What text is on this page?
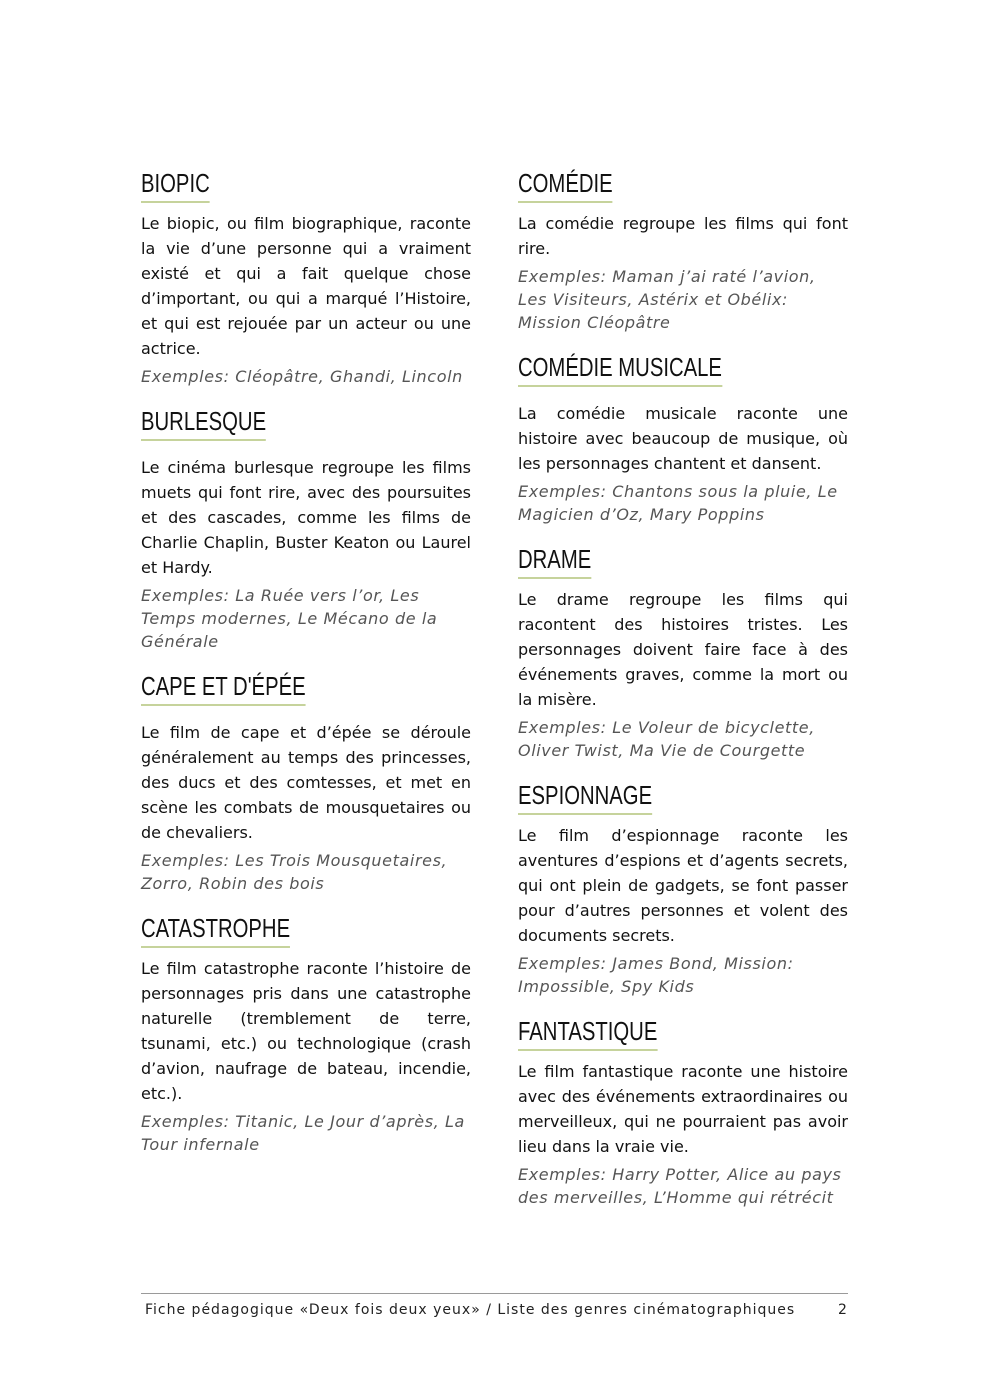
BIOPIC

Le biopic, ou film biographique, raconte la vie d’une personne qui a vraiment existé et qui a fait quelque chose d’important, ou qui a marqué l’Histoire, et qui est rejouée par un acteur ou une actrice.

Exemples: Cléopâtre, Ghandi, Lincoln

BURLESQUE

Le cinéma burlesque regroupe les films muets qui font rire, avec des poursuites et des cascades, comme les films de Charlie Chaplin, Buster Keaton ou Laurel et Hardy.

Exemples: La Ruée vers l’or, Les Temps modernes, Le Mécano de la Générale

CAPE ET D'ÉPÉE

Le film de cape et d’épée se déroule généralement au temps des princesses, des ducs et des comtesses, et met en scène les combats de mousquetaires ou de chevaliers.

Exemples: Les Trois Mousquetaires, Zorro, Robin des bois

CATASTROPHE

Le film catastrophe raconte l’histoire de personnages pris dans une catastrophe naturelle (tremblement de terre, tsunami, etc.) ou technologique (crash d’avion, naufrage de bateau, incendie, etc.).

Exemples: Titanic, Le Jour d’après, La Tour infernale

COMÉDIE

La comédie regroupe les films qui font rire.

Exemples: Maman j’ai raté l’avion, Les Visiteurs, Astérix et Obélix: Mission Cléopâtre

COMÉDIE MUSICALE

La comédie musicale raconte une histoire avec beaucoup de musique, où les personnages chantent et dansent.

Exemples: Chantons sous la pluie, Le Magicien d’Oz, Mary Poppins

DRAME

Le drame regroupe les films qui racontent des histoires tristes. Les personnages doivent faire face à des événements graves, comme la mort ou la misère.

Exemples: Le Voleur de bicyclette, Oliver Twist, Ma Vie de Courgette

ESPIONNAGE

Le film d’espionnage raconte les aventures d’espions et d’agents secrets, qui ont plein de gadgets, se font passer pour d’autres personnes et volent des documents secrets.

Exemples: James Bond, Mission: Impossible, Spy Kids

FANTASTIQUE

Le film fantastique raconte une histoire avec des événements extraordinaires ou merveilleux, qui ne pourraient pas avoir lieu dans la vraie vie.

Exemples: Harry Potter, Alice au pays des merveilles, L’Homme qui rétrécit

Fiche pédagogique «Deux fois deux yeux» / Liste des genres cinématographiques	2
